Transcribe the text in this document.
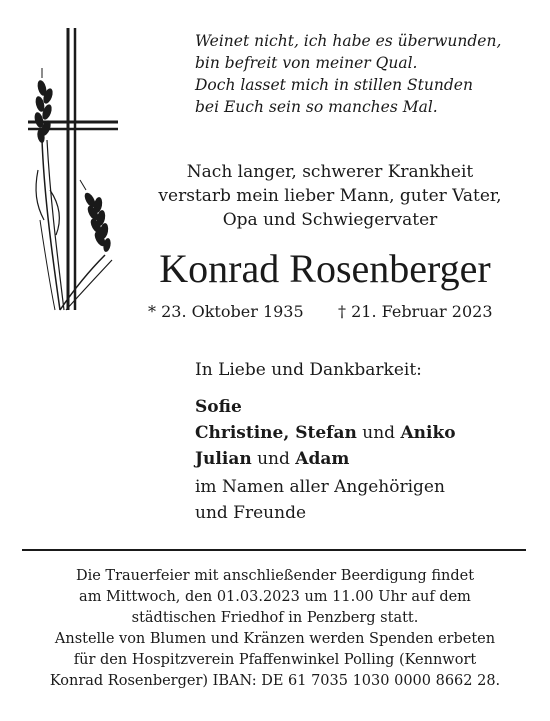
Weinet nicht, ich habe es überwunden,
bin befreit von meiner Qual.
Doch lasset mich in stillen Stunden
bei Euch sein so manches Mal.
Nach langer, schwerer Krankheit
verstarb mein lieber Mann, guter Vater,
Opa und Schwiegervater
Konrad Rosenberger
* 23. Oktober 1935 † 21. Februar 2023
In Liebe und Dankbarkeit:
Sofie
Christine, Stefan und Aniko
Julian und Adam
im Namen aller Angehörigen
und Freunde
Die Trauerfeier mit anschließender Beerdigung findet
am Mittwoch, den 01.03.2023 um 11.00 Uhr auf dem
städtischen Friedhof in Penzberg statt.
Anstelle von Blumen und Kränzen werden Spenden erbeten
für den Hospitzverein Pfaffenwinkel Polling (Kennwort
Konrad Rosenberger) IBAN: DE 61 7035 1030 0000 8662 28.
